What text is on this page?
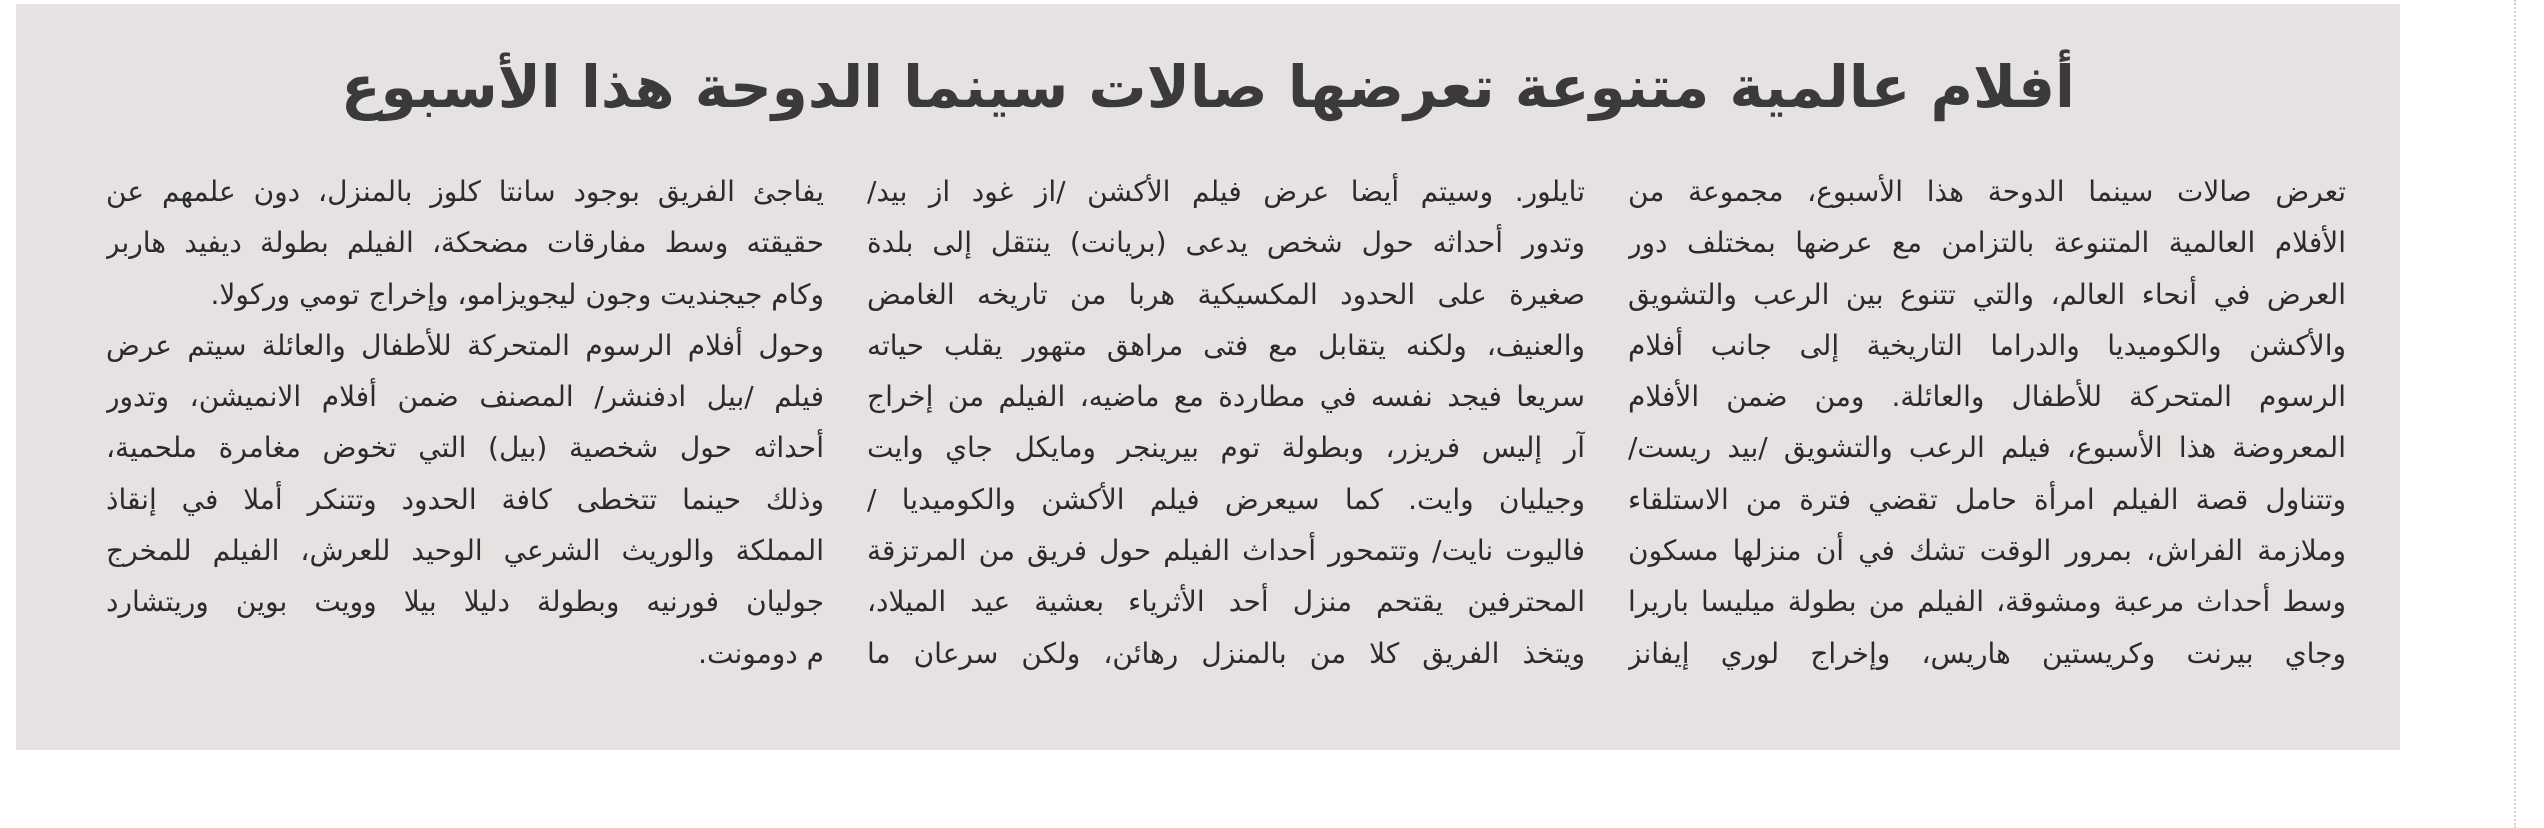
أفلام عالمية متنوعة تعرضها صالات سينما الدوحة هذا الأسبوع
تعرض صالات سينما الدوحة هذا الأسبوع، مجموعة من
الأفلام العالمية المتنوعة بالتزامن مع عرضها بمختلف دور
العرض في أنحاء العالم، والتي تتنوع بين الرعب والتشويق
والأكشن والكوميديا والدراما التاريخية إلى جانب أفلام
الرسوم المتحركة للأطفال والعائلة. ومن ضمن الأفلام
المعروضة هذا الأسبوع، فيلم الرعب والتشويق /بيد ريست/
وتتناول قصة الفيلم امرأة حامل تقضي فترة من الاستلقاء
وملازمة الفراش، بمرور الوقت تشك في أن منزلها مسكون
وسط أحداث مرعبة ومشوقة، الفيلم من بطولة ميليسا باريرا
وجاي بيرنت وكريستين هاريس، وإخراج لوري إيفانز
تايلور. وسيتم أيضا عرض فيلم الأكشن /از غود از بيد/
وتدور أحداثه حول شخص يدعى (بريانت) ينتقل إلى بلدة
صغيرة على الحدود المكسيكية هربا من تاريخه الغامض
والعنيف، ولكنه يتقابل مع فتى مراهق متهور يقلب حياته
سريعا فيجد نفسه في مطاردة مع ماضيه، الفيلم من إخراج
آر إليس فريزر، وبطولة توم بيرينجر ومايكل جاي وايت
وجيليان وايت. كما سيعرض فيلم الأكشن والكوميديا /
فاليوت نايت/ وتتمحور أحداث الفيلم حول فريق من المرتزقة
المحترفين يقتحم منزل أحد الأثرياء بعشية عيد الميلاد،
ويتخذ الفريق كلا من بالمنزل رهائن، ولكن سرعان ما
يفاجئ الفريق بوجود سانتا كلوز بالمنزل، دون علمهم عن
حقيقته وسط مفارقات مضحكة، الفيلم بطولة ديفيد هاربر
وكام جيجنديت وجون ليجويزامو، وإخراج تومي وركولا.
وحول أفلام الرسوم المتحركة للأطفال والعائلة سيتم عرض
فيلم /بيل ادفنشر/ المصنف ضمن أفلام الانميشن، وتدور
أحداثه حول شخصية (بيل) التي تخوض مغامرة ملحمية،
وذلك حينما تتخطى كافة الحدود وتتنكر أملا في إنقاذ
المملكة والوريث الشرعي الوحيد للعرش، الفيلم للمخرج
جوليان فورنيه وبطولة دليلا بيلا وويت بوين وريتشارد
م دومونت.
